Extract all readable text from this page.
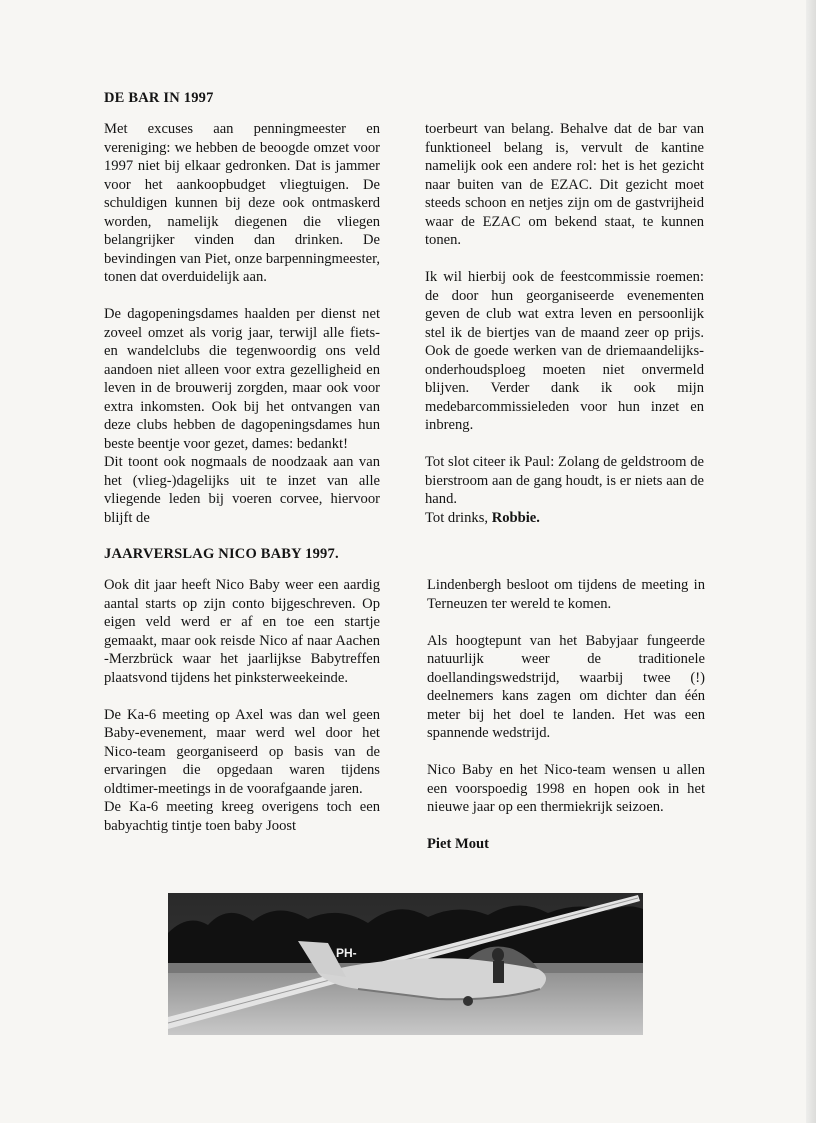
DE BAR IN 1997

Met excuses aan penningmeester en vereniging: we hebben de beoogde omzet voor 1997 niet bij elkaar gedronken. Dat is jammer voor het aankoopbudget vliegtuigen. De schuldigen kunnen bij deze ook ontmaskerd worden, namelijk diegenen die vliegen belangrijker vinden dan drinken. De bevindingen van Piet, onze barpenningmeester, tonen dat overduidelijk aan.

De dagopeningsdames haalden per dienst net zoveel omzet als vorig jaar, terwijl alle fiets- en wandelclubs die tegenwoordig ons veld aandoen niet alleen voor extra gezelligheid en leven in de brouwerij zorgden, maar ook voor extra inkomsten. Ook bij het ontvangen van deze clubs hebben de dagopeningsdames hun beste beentje voor gezet, dames: bedankt!

Dit toont ook nogmaals de noodzaak aan van het (vlieg-)dagelijks uit te inzet van alle vliegende leden bij voeren corvee, hiervoor blijft de

toerbeurt van belang. Behalve dat de bar van funktioneel belang is, vervult de kantine namelijk ook een andere rol: het is het gezicht naar buiten van de EZAC. Dit gezicht moet steeds schoon en netjes zijn om de gastvrijheid waar de EZAC om bekend staat, te kunnen tonen.

Ik wil hierbij ook de feestcommissie roemen: de door hun georganiseerde evenementen geven de club wat extra leven en persoonlijk stel ik de biertjes van de maand zeer op prijs. Ook de goede werken van de driemaandelijks-onderhoudsploeg moeten niet onvermeld blijven. Verder dank ik ook mijn medebarcommissieleden voor hun inzet en inbreng.

Tot slot citeer ik Paul: Zolang de geldstroom de bierstroom aan de gang houdt, is er niets aan de hand.

Tot drinks, Robbie.

JAARVERSLAG NICO BABY 1997.

Ook dit jaar heeft Nico Baby weer een aardig aantal starts op zijn conto bijgeschreven. Op eigen veld werd er af en toe een startje gemaakt, maar ook reisde Nico af naar Aachen -Merzbrück waar het jaarlijkse Babytreffen plaatsvond tijdens het pinksterweekeinde.

De Ka-6 meeting op Axel was dan wel geen Baby-evenement, maar werd wel door het Nico-team georganiseerd op basis van de ervaringen die opgedaan waren tijdens oldtimer-meetings in de voorafgaande jaren.

De Ka-6 meeting kreeg overigens toch een babyachtig tintje toen baby Joost

Lindenbergh besloot om tijdens de meeting in Terneuzen ter wereld te komen.

Als hoogtepunt van het Babyjaar fungeerde natuurlijk weer de traditionele doellandingswedstrijd, waarbij twee (!) deelnemers kans zagen om dichter dan één meter bij het doel te landen. Het was een spannende wedstrijd.

Nico Baby en het Nico-team wensen u allen een voorspoedig 1998 en hopen ook in het nieuwe jaar op een thermiekrijk seizoen.

Piet Mout

PH-
